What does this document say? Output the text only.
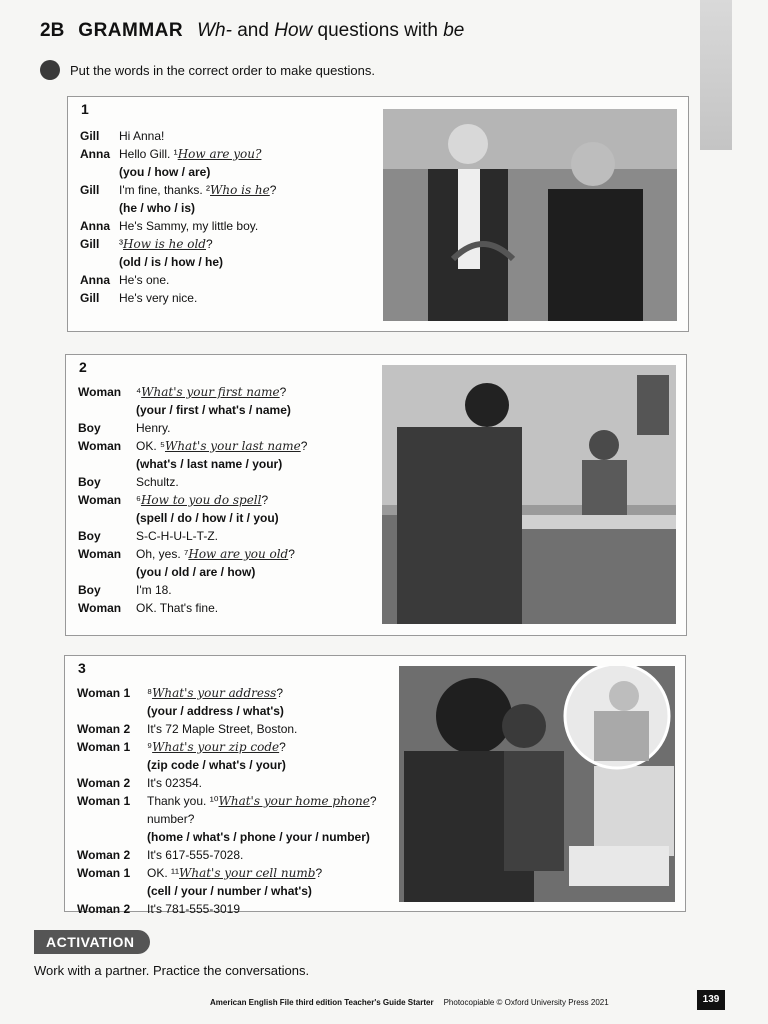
2B GRAMMAR Wh- and How questions with be
Put the words in the correct order to make questions.
1
Gill	Hi Anna!
Anna Hello Gill. ¹How are you?
(you / how / are)
Gill	I'm fine, thanks. ²Who is he?
(he / who / is)
Anna He's Sammy, my little boy.
Gill	³How is he old?
(old / is / how / he)
Anna He's one.
Gill	He's very nice.
2
Woman	⁴What's your first name?
(your / first / what's / name)
Boy	Henry.
Woman	OK. ⁵What's your last name?
(what's / last name / your)
Boy	Schultz.
Woman	⁶How to you do spell?
(spell / do / how / it / you)
Boy	S-C-H-U-L-T-Z.
Woman	Oh, yes. ⁷How are you old?
(you / old / are / how)
Boy	I'm 18.
Woman	OK. That's fine.
3
Woman 1	⁸What's your address?
(your / address / what's)
Woman 2	It's 72 Maple Street, Boston.
Woman 1	⁹What's your zip code?
(zip code / what's / your)
Woman 2	It's 02354.
Woman 1	Thank you. ¹⁰What's your home phone? number?
(home / what's / phone / your / number)
Woman 2	It's 617-555-7028.
Woman 1	OK. ¹¹What's your cell numb?
(cell / your / number / what's)
Woman 2	It's 781-555-3019
ACTIVATION
Work with a partner. Practice the conversations.
American English File third edition Teacher's Guide Starter Photocopiable © Oxford University Press 2021	139
